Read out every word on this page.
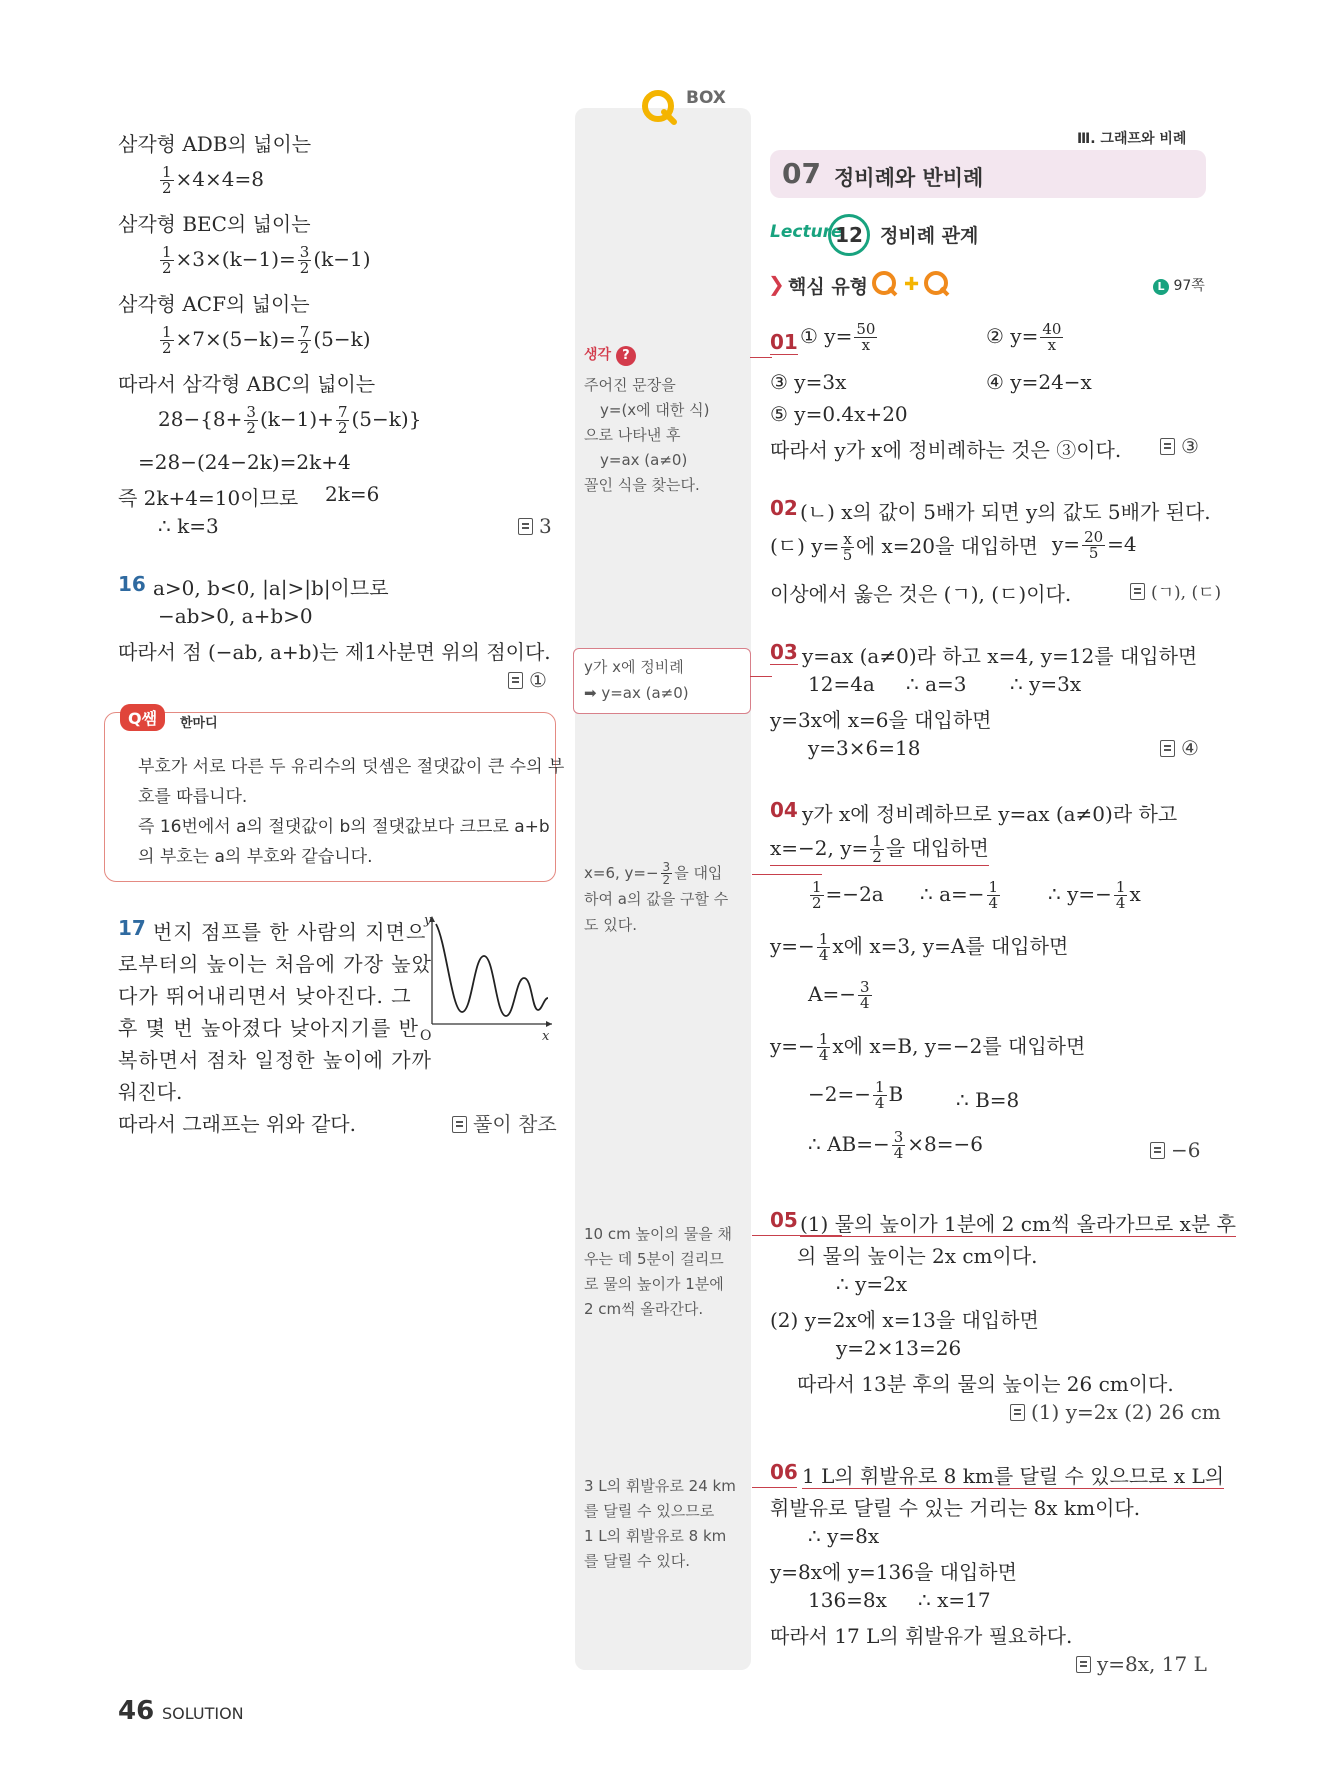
BOX
Ⅲ. 그래프와 비례
07 정비례와 반비례
Lecture
12 정비례 관계
❯ 핵심 유형 ✚	L 97쪽
삼각형 ADB의 넓이는
$\frac{1}{2} \times 4\times 4=8$
삼각형 BEC의 넓이는
$\frac{1}{2} \times 3\times(k-1)= \frac{3}{2} (k-1)$
삼각형 ACF의 넓이는
$\frac{1}{2} \times 7\times(5-k)= \frac{7}{2} (5-k)$
따라서 삼각형 ABC의 넓이는
$28-\{8+ \frac{3}{2} (k-1)+ \frac{7}{2} (5-k)\}$
=28−(24−2k)=2k+4
즉 2k+4=10이므로 2k=6
∴ k=3	3
16 a>0, b<0, |a|>|b|이므로
−ab>0, a+b>0
따라서 점 (−ab, a+b)는 제1사분면 위의 점이다.
①
Q쌤	한마디
부호가 서로 다른 두 유리수의 덧셈은 절댓값이 큰 수의 부
호를 따릅니다.
즉 16번에서 a의 절댓값이 b의 절댓값보다 크므로 a+b
의 부호는 a의 부호와 같습니다.
17 번지 점프를 한 사람의 지면으
로부터의 높이는 처음에 가장 높았
다가 뛰어내리면서 낮아진다. 그
후 몇 번 높아졌다 낮아지기를 반
복하면서 점차 일정한 높이에 가까
워진다.
따라서 그래프는 위와 같다.	풀이 참조
y
x
O
생각 ?
주어진 문장을
y=(x에 대한 식)
으로 나타낸 후
y=ax (a≠0)
꼴인 식을 찾는다.
y가 x에 정비례
➡ y=ax (a≠0)
x=6, $y=- \frac{3}{2}$ 을 대입
하여 a의 값을 구할 수
도 있다.
10 cm 높이의 물을 채
우는 데 5분이 걸리므
로 물의 높이가 1분에
2 cm씩 올라간다.
3 L의 휘발유로 24 km
를 달릴 수 있으므로
1 L의 휘발유로 8 km
를 달릴 수 있다.
01 ① $y= \frac{50}{x}$	② $y= \frac{40}{x}$
③ y=3x	④ y=24−x
⑤ y=0.4x+20
따라서 y가 x에 정비례하는 것은 ③이다.	③
02 (ㄴ) x의 값이 5배가 되면 y의 값도 5배가 된다.
(ㄷ) $y= \frac{x}{5}$ 에 x=20을 대입하면 $y= \frac{20}{5} =4$
이상에서 옳은 것은 (ㄱ), (ㄷ)이다.	(ㄱ), (ㄷ)
03 y=ax (a≠0)라 하고 x=4, y=12를 대입하면
12=4a ∴ a=3 ∴ y=3x
y=3x에 x=6을 대입하면
y=3×6=18	④
04 y가 x에 정비례하므로 y=ax (a≠0)라 하고
x=−2, $y= \frac{1}{2}$ 을 대입하면
$\frac{1}{2} =-2a$ ∴ $a=- \frac{1}{4}$ ∴ $y=- \frac{1}{4}$ x
$y=- \frac{1}{4}$ x에 x=3, y=A를 대입하면
$A=- \frac{3}{4}$
$y=- \frac{1}{4}$ x에 x=B, y=−2를 대입하면
$-2=- \frac{1}{4}$ B	∴ B=8
∴ $AB=- \frac{3}{4} \times 8=-6$	−6
05 (1) 물의 높이가 1분에 2 cm씩 올라가므로 x분 후
의 물의 높이는 2x cm이다.
∴ y=2x
(2) y=2x에 x=13을 대입하면
y=2×13=26
따라서 13분 후의 물의 높이는 26 cm이다.
(1) y=2x (2) 26 cm
06 1 L의 휘발유로 8 km를 달릴 수 있으므로 x L의
휘발유로 달릴 수 있는 거리는 8x km이다.
∴ y=8x
y=8x에 y=136을 대입하면
136=8x ∴ x=17
따라서 17 L의 휘발유가 필요하다.
y=8x, 17 L
46 SOLUTION
